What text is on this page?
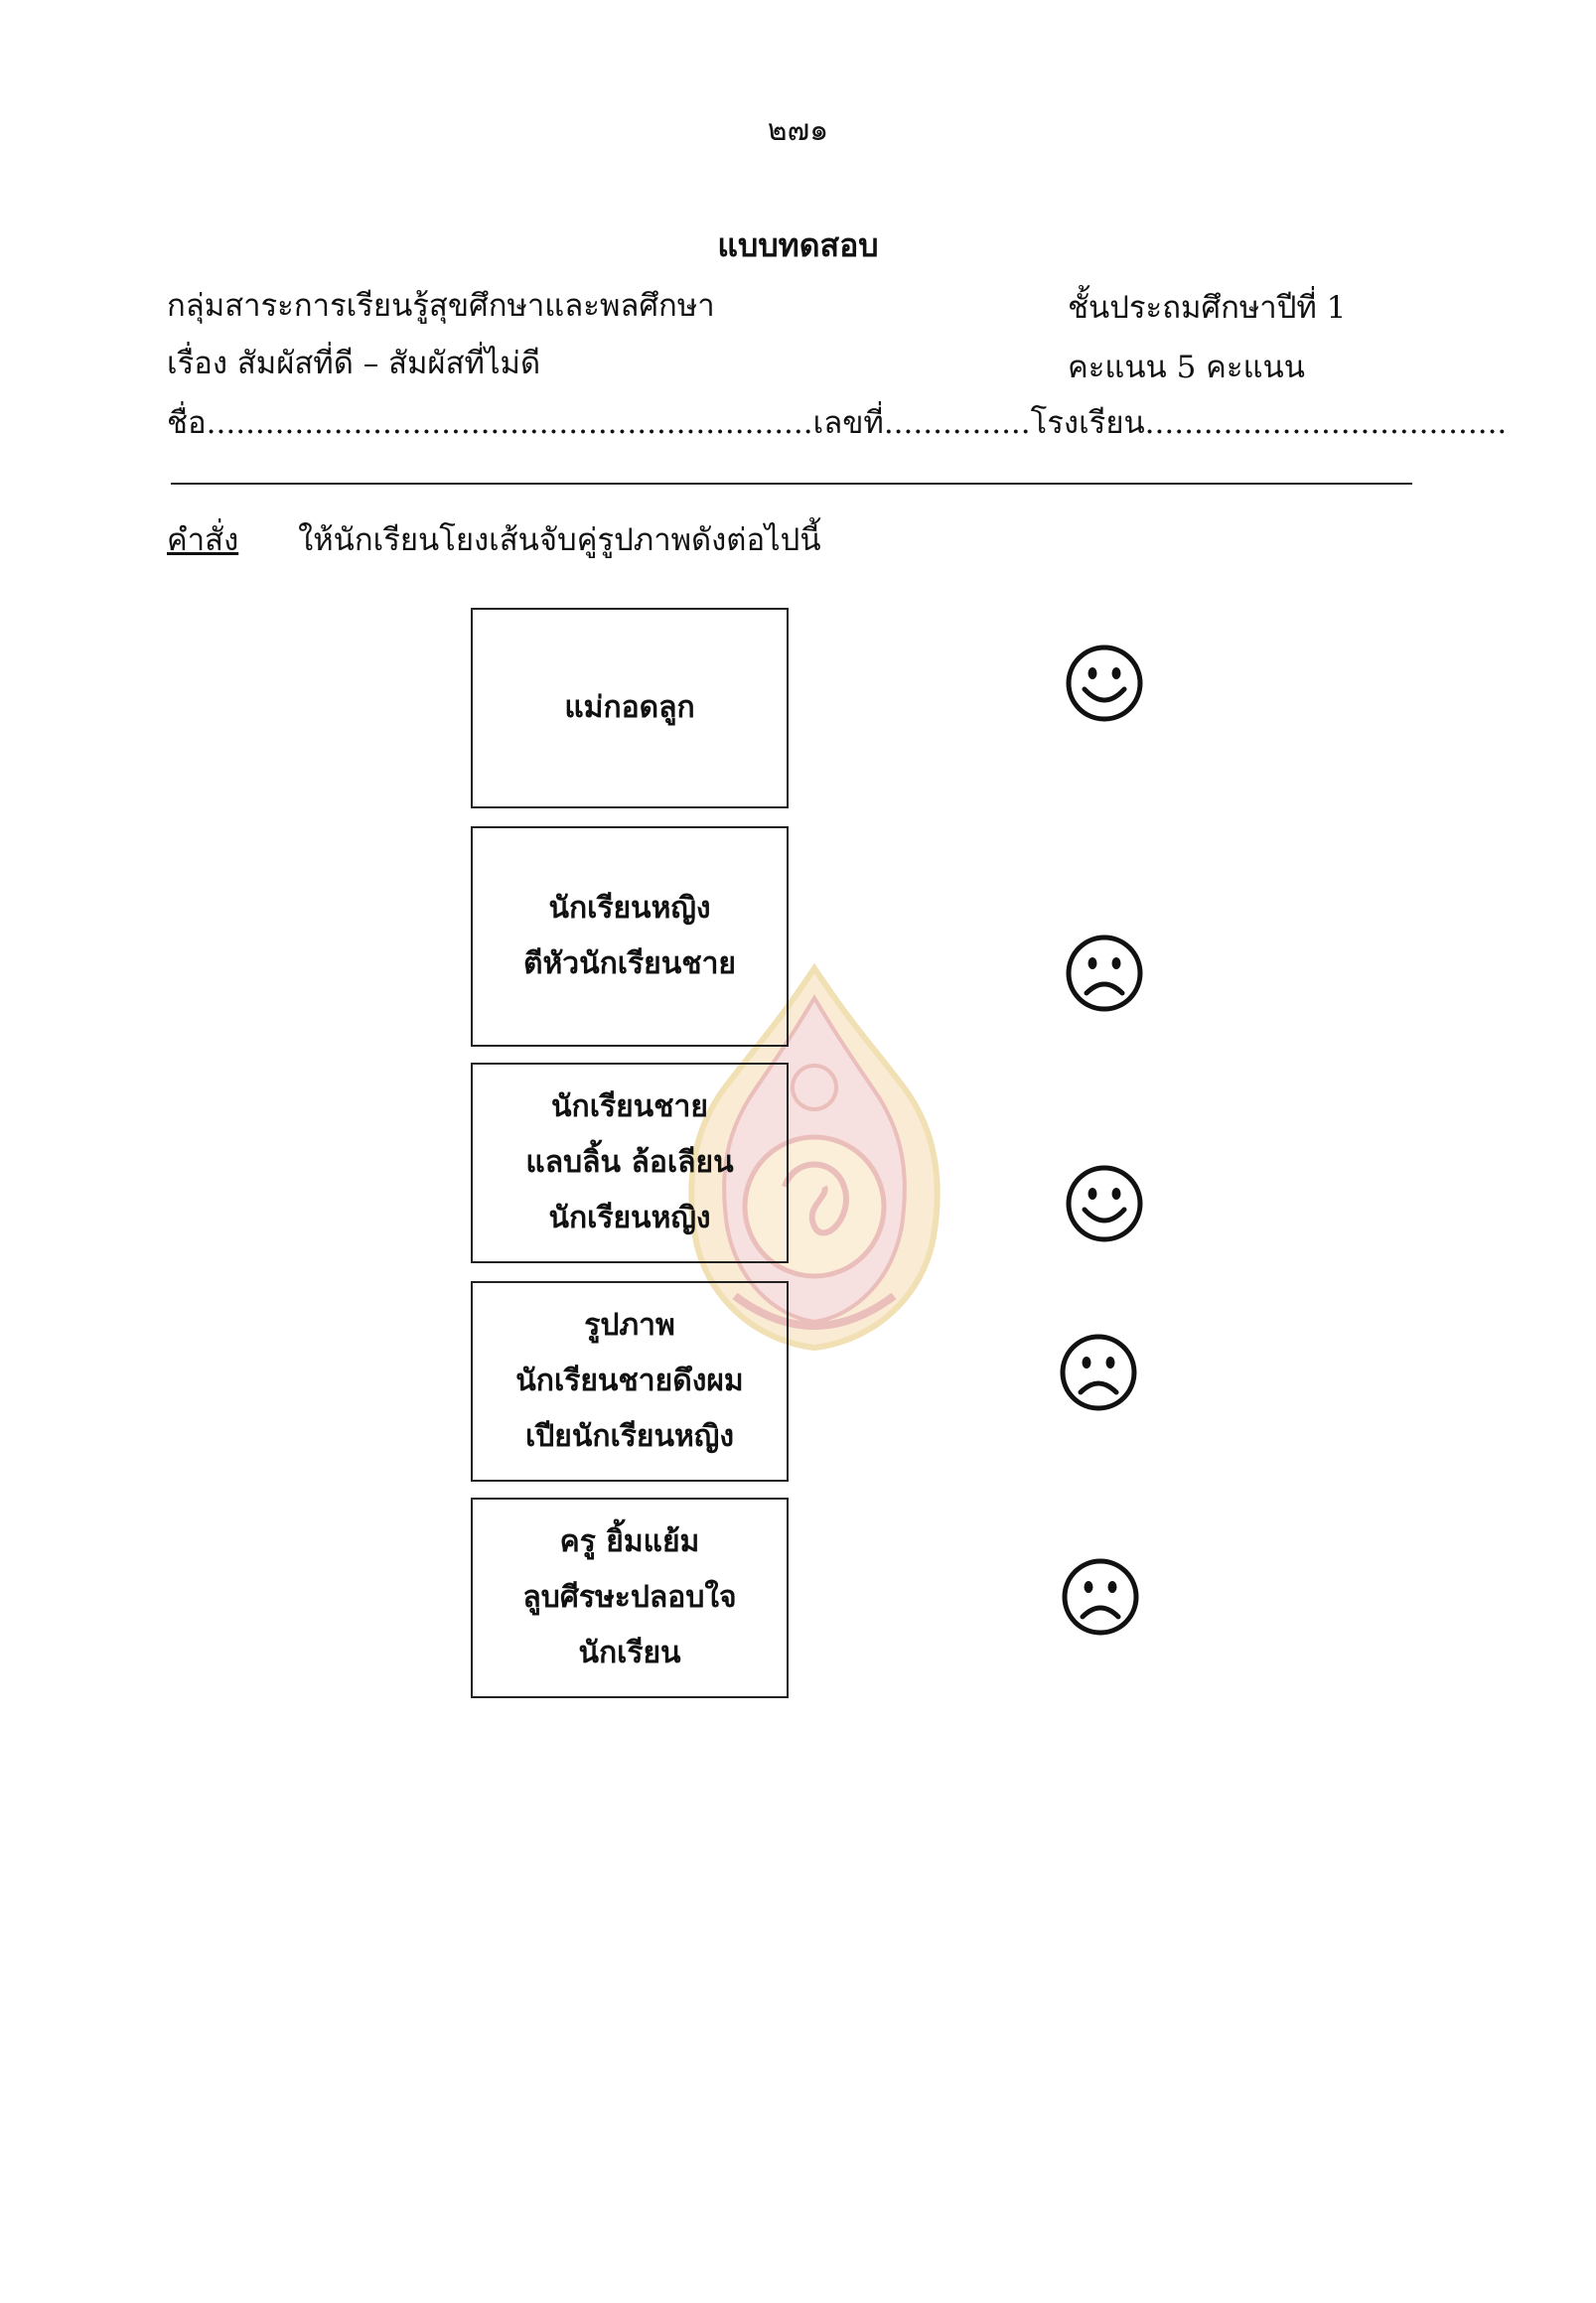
๒๗๑
แบบทดสอบ
กลุ่มสาระการเรียนรู้สุขศึกษาและพลศึกษา	ชั้นประถมศึกษาปีที่ 1
เรื่อง สัมผัสที่ดี – สัมผัสที่ไม่ดี	คะแนน 5 คะแนน
ชื่อ..............................................................เลขที่...............โรงเรียน.....................................
คำสั่ง ให้นักเรียนโยงเส้นจับคู่รูปภาพดังต่อไปนี้
แม่กอดลูก
นักเรียนหญิง
ตีหัวนักเรียนชาย
นักเรียนชาย
แลบลิ้น ล้อเลียน
นักเรียนหญิง
รูปภาพ
นักเรียนชายดึงผม
เปียนักเรียนหญิง
ครู ยิ้มแย้ม
ลูบศีรษะปลอบใจ
นักเรียน
